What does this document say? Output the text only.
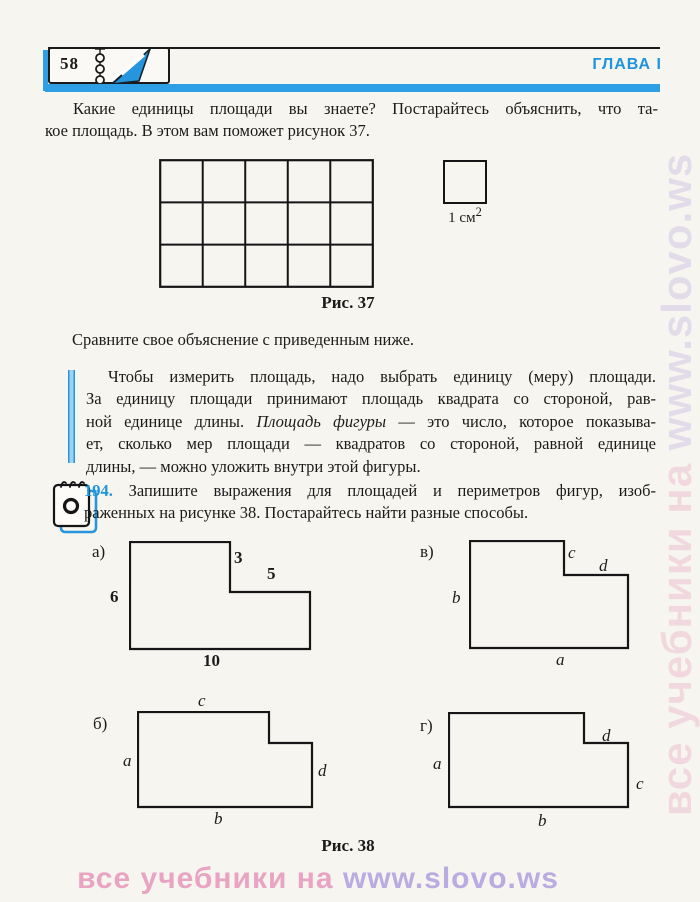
58	ГЛАВА I
Какие единицы площади вы знаете? Постарайтесь объяснить, что та-
кое площадь. В этом вам поможет рисунок 37.
1 $см^2$
Рис. 37
Сравните свое объяснение с приведенным ниже.
Чтобы измерить площадь, надо выбрать единицу (меру) площади.
За единицу площади принимают площадь квадрата со стороной, рав-
ной единице длины. Площадь фигуры — это число, которое показыва-
ет, сколько мер площади — квадратов со стороной, равной единице
длины, — можно уложить внутри этой фигуры.
194. Запишите выражения для площадей и периметров фигур, изоб-
раженных на рисунке 38. Постарайтесь найти разные способы.
а)	3
5
6
10
в)	c
d
b
a
б)
c
a
d
b
г)
d
a
c
b
Рис. 38
все учебники на www.slovo.ws
все учебники на www.slovo.ws
